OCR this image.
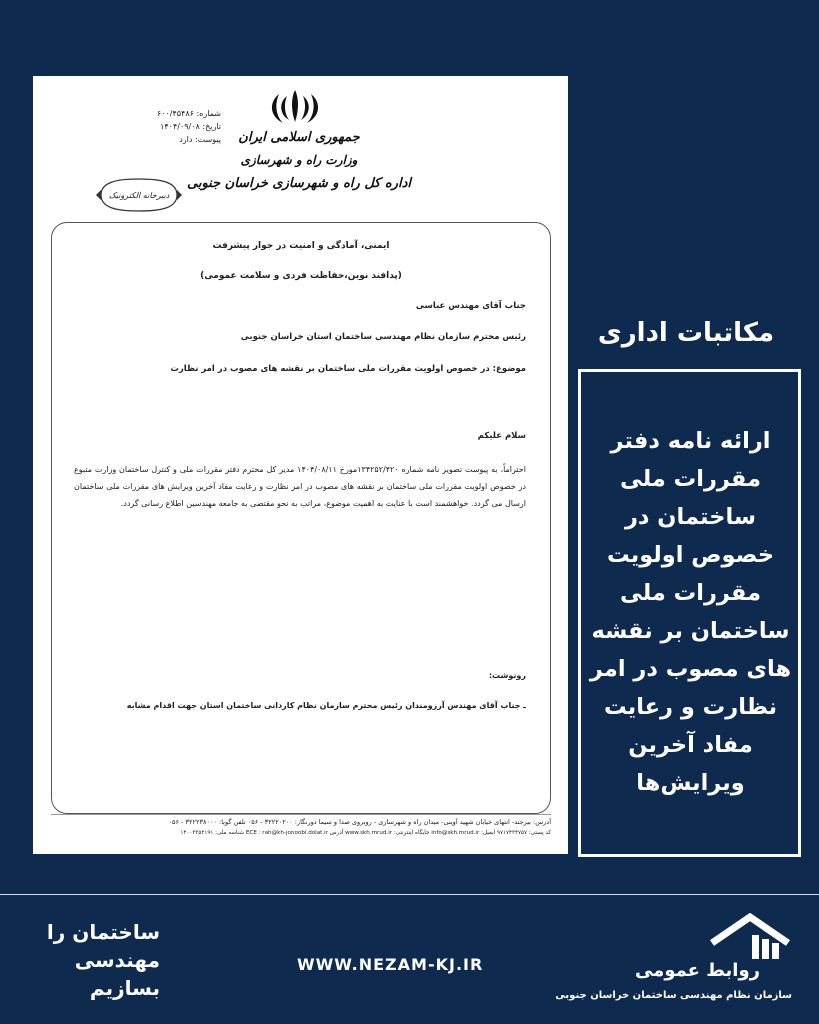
شماره: ۶۰۰/۴۵۴۸۶
تاریخ: ۱۴۰۴/۰۹/۰۸
پیوست: دارد	جمهوری اسلامی ایران
وزارت راه و شهرسازی
اداره کل راه و شهرسازی خراسان جنوبی
دبیرخانه الکترونیک
ایمنی، آمادگی و امنیت در جوار پیشرفت
(پدافند نوین،حفاظت فردی و سلامت عمومی)
جناب آقای مهندس عباسی
رئیس محترم سازمان نظام مهندسی ساختمان استان خراسان جنوبی
موضوع: در خصوص اولویت مقررات ملی ساختمان بر نقشه های مصوب در امر نظارت
سلام علیکم
احتراماً، به پیوست تصویر نامه شماره ۱۳۴۲۵۲/۴۲۰مورخ ۱۴۰۴/۰۸/۱۱ مدیر کل محترم دفتر مقررات ملی و کنترل ساختمان وزارت متبوع در خصوص اولویت مقررات ملی ساختمان بر نقشه های مصوب در امر نظارت و رعایت مفاد آخرین ویرایش های مقررات ملی ساختمان ارسال می گردد. خواهشمند است با عنایت به اهمیت موضوع، مراتب به نحو مقتضی به جامعه مهندسین اطلاع رسانی گردد.
رونوشت:
ـ جناب آقای مهندس آرزومندان رئیس محترم سازمان نظام کاردانی ساختمان استان جهت اقدام مشابه
آدرس: بیرجند- انتهای خیابان شهید آوینی- میدان راه و شهرسازی - روبروی صدا و سیما دورنگار: ۳۲۲۲۰۲۰۰ - ۰۵۶ تلفن گویا: ۳۲۲۲۳۸۰۰۰ - ۰۵۶
کد پستی: ۹۷۱۷۴۳۴۷۵۷ ایمیل: info@skh.mrud.ir جایگاه اینترنتی: www.skh.mrud.ir آدرس ECE : rah@kh-jonoobi.dolat.ir شناسه ملی: ۱۴۰۰۳۳۵۲۱۹۱
مکاتبات اداری
ارائه نامه دفتر مقررات ملی ساختمان در خصوص اولویت مقررات ملی ساختمان بر نقشه های مصوب در امر نظارت و رعایت مفاد آخرین ویرایش‌ها
ساختمان را مهندسی بسازیم
WWW.NEZAM-KJ.IR	روابط عمومی
سازمان نظام مهندسی ساختمان خراسان جنوبی
